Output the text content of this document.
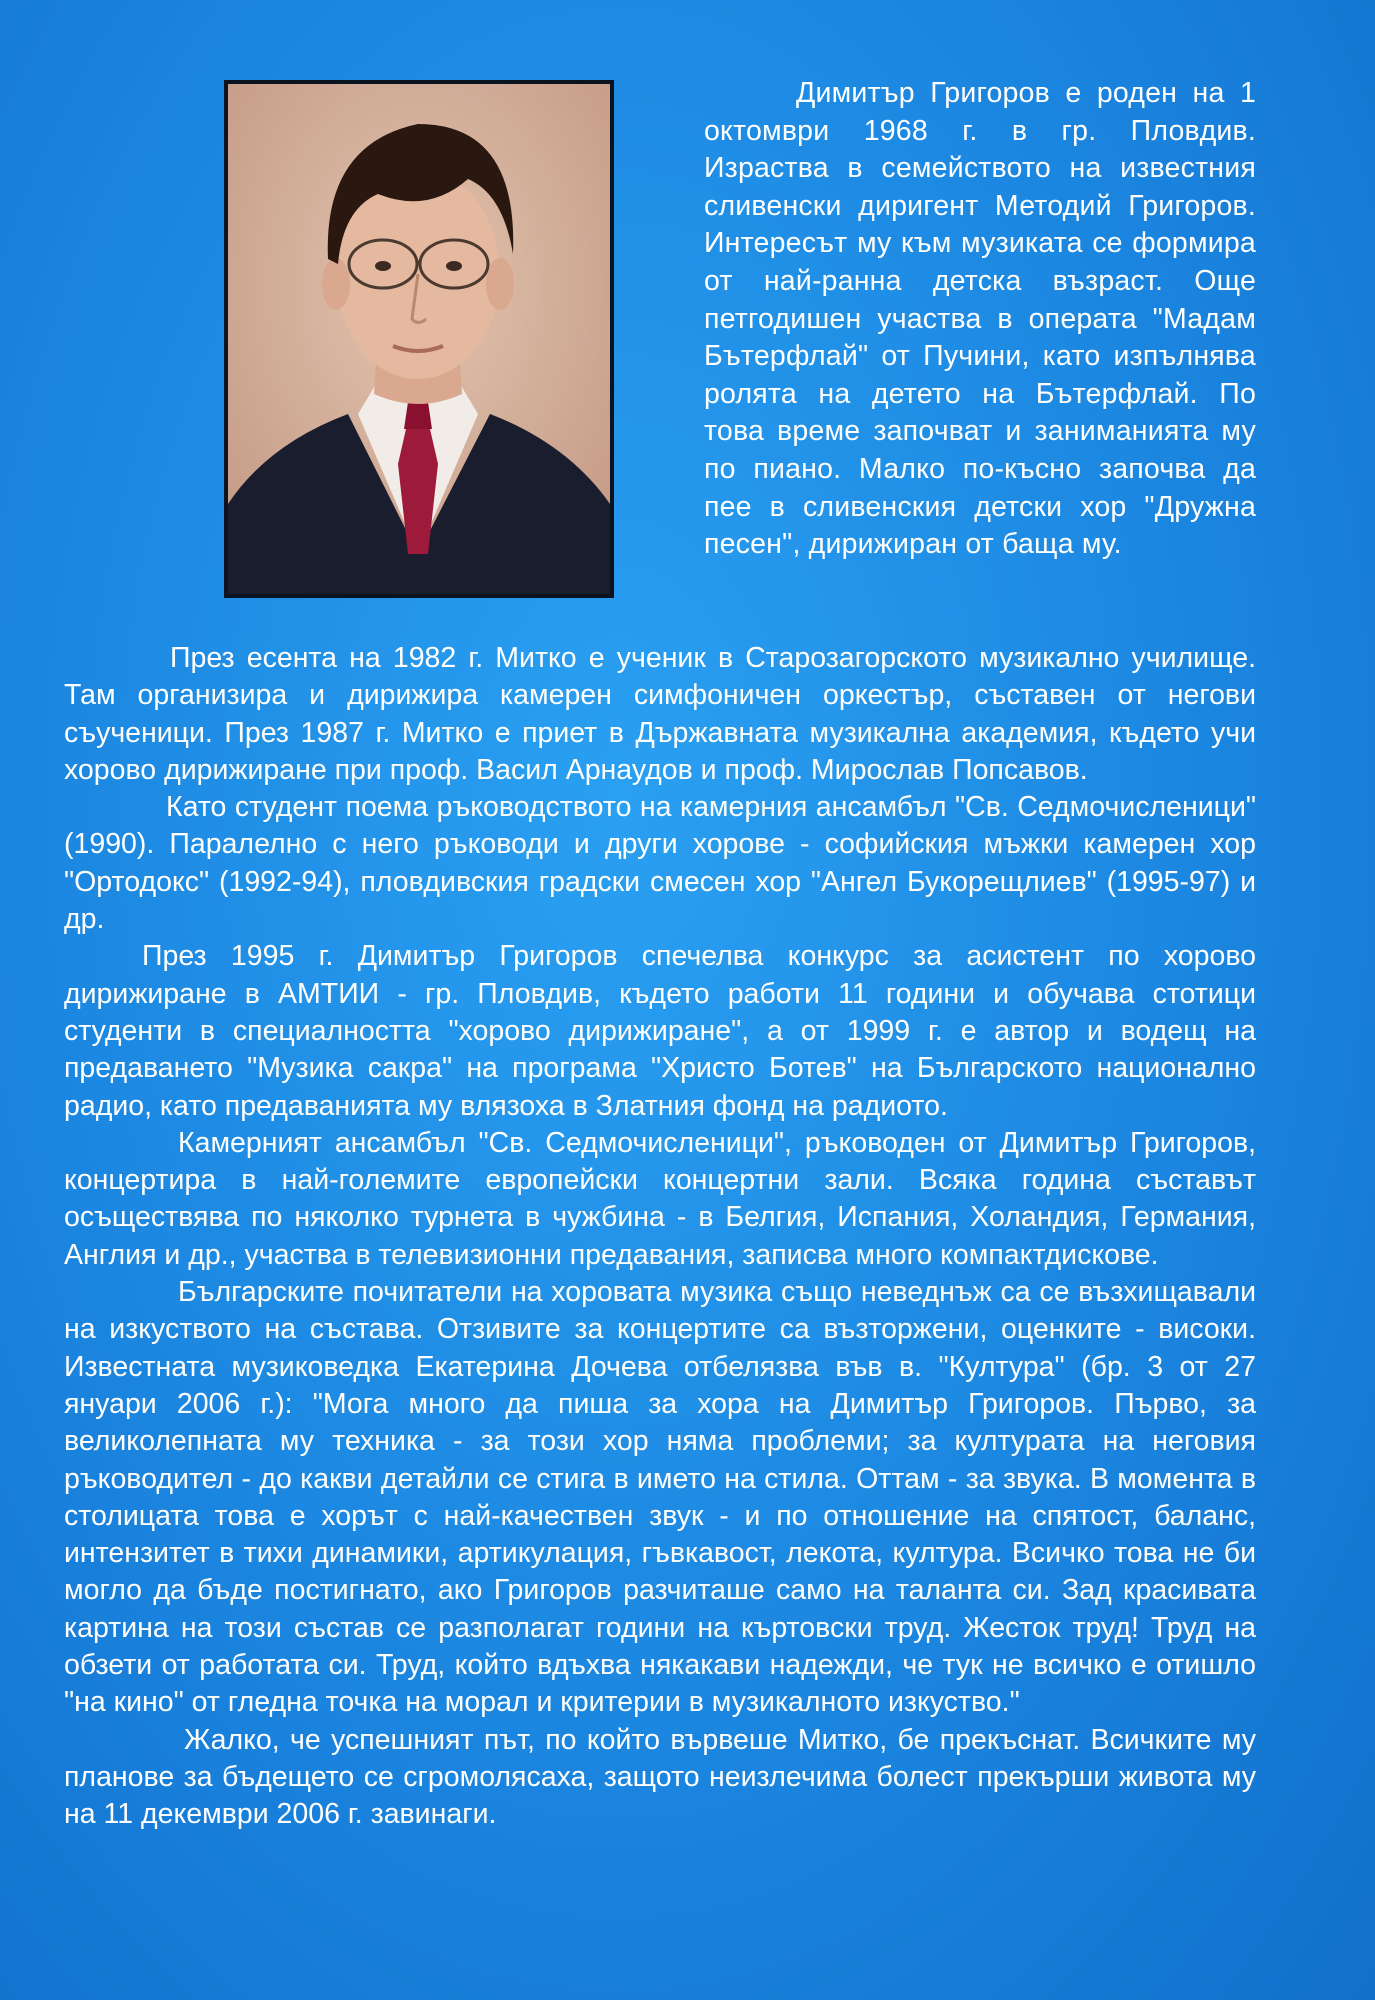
Димитър Григоров е роден на 1 октомври 1968 г. в гр. Пловдив. Израства в семейството на известния сливенски диригент Методий Григоров. Интересът му към музиката се формира от най-ранна детска възраст. Още петгодишен участва в операта "Мадам Бътерфлай" от Пучини, като изпълнява ролята на детето на Бътерфлай. По това време започват и заниманията му по пиано. Малко по-късно започва да пее в сливенския детски хор "Дружна песен", дирижиран от баща му.

През есента на 1982 г. Митко е ученик в Старозагорското музикално училище. Там организира и дирижира камерен симфоничен оркестър, съставен от негови съученици. През 1987 г. Митко е приет в Държавната музикална академия, където учи хорово дирижиране при проф. Васил Арнаудов и проф. Мирослав Попсавов.

Като студент поема ръководството на камерния ансамбъл "Св. Седмочисленици" (1990). Паралелно с него ръководи и други хорове - софийския мъжки камерен хор "Ортодокс" (1992-94), пловдивския градски смесен хор "Ангел Букорещлиев" (1995-97) и др.

През 1995 г. Димитър Григоров спечелва конкурс за асистент по хорово дирижиране в АМТИИ - гр. Пловдив, където работи 11 години и обучава стотици студенти в специалността "хорово дирижиране", а от 1999 г. е автор и водещ на предаването "Музика сакра" на програма "Христо Ботев" на Българското национално радио, като предаванията му влязоха в Златния фонд на радиото.

Камерният ансамбъл "Св. Седмочисленици", ръководен от Димитър Григоров, концертира в най-големите европейски концертни зали. Всяка година съставът осъществява по няколко турнета в чужбина - в Белгия, Испания, Холандия, Германия, Англия и др., участва в телевизионни предавания, записва много компактдискове.

Българските почитатели на хоровата музика също неведнъж са се възхищавали на изкуството на състава. Отзивите за концертите са възторжени, оценките - високи. Известната музиковедка Екатерина Дочева отбелязва във в. "Култура" (бр. 3 от 27 януари 2006 г.): "Мога много да пиша за хора на Димитър Григоров. Първо, за великолепната му техника - за този хор няма проблеми; за културата на неговия ръководител - до какви детайли се стига в името на стила. Оттам - за звука. В момента в столицата това е хорът с най-качествен звук - и по отношение на спятост, баланс, интензитет в тихи динамики, артикулация, гъвкавост, лекота, култура. Всичко това не би могло да бъде постигнато, ако Григоров разчиташе само на таланта си. Зад красивата картина на този състав се разполагат години на къртовски труд. Жесток труд! Труд на обзети от работата си. Труд, който вдъхва някакави надежди, че тук не всичко е отишло "на кино" от гледна точка на морал и критерии в музикалното изкуство."

Жалко, че успешният път, по който вървеше Митко, бе прекъснат. Всичките му планове за бъдещето се сгромолясаха, защото неизлечима болест прекърши живота му на 11 декември 2006 г. завинаги.
